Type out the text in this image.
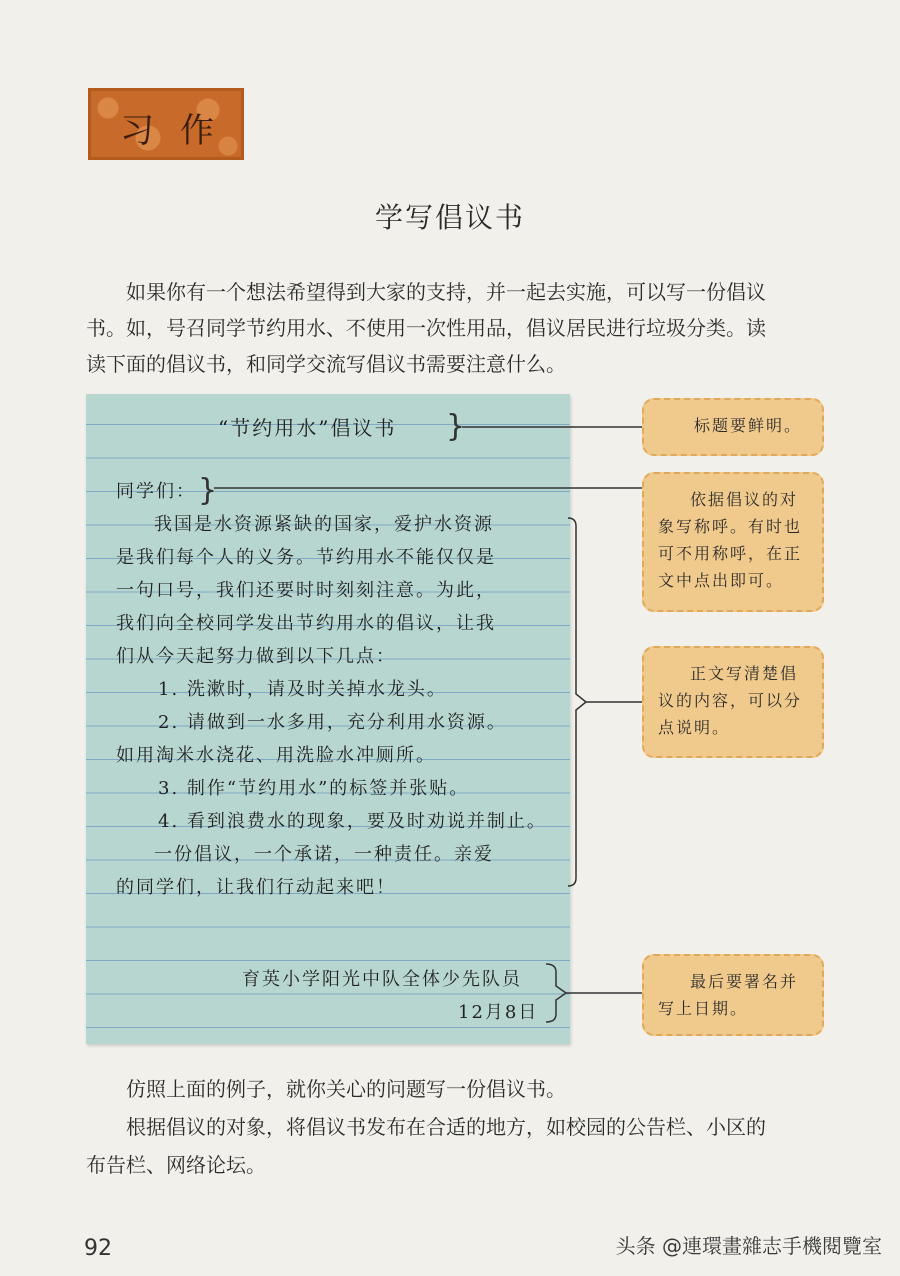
习作
学写倡议书

如果你有一个想法希望得到大家的支持，并一起去实施，可以写一份倡议
书。如，号召同学节约用水、不使用一次性用品，倡议居民进行垃圾分类。读
读下面的倡议书，和同学交流写倡议书需要注意什么。

“节约用水”倡议书 }
同学们： }
我国是水资源紧缺的国家，爱护水资源
是我们每个人的义务。节约用水不能仅仅是
一句口号，我们还要时时刻刻注意。为此，
我们向全校同学发出节约用水的倡议，让我
们从今天起努力做到以下几点：
1. 洗漱时，请及时关掉水龙头。
2. 请做到一水多用，充分利用水资源。
如用淘米水浇花、用洗脸水冲厕所。
3. 制作“节约用水”的标签并张贴。
4. 看到浪费水的现象，要及时劝说并制止。
一份倡议，一个承诺，一种责任。亲爱
的同学们，让我们行动起来吧！
育英小学阳光中队全体少先队员
12月8日
标题要鲜明。
依据倡议的对
象写称呼。有时也
可不用称呼，在正
文中点出即可。
正文写清楚倡
议的内容，可以分
点说明。
最后要署名并
写上日期。

仿照上面的例子，就你关心的问题写一份倡议书。

根据倡议的对象，将倡议书发布在合适的地方，如校园的公告栏、小区的
布告栏、网络论坛。

92	头条 @連環畫雜志手機閱覽室
